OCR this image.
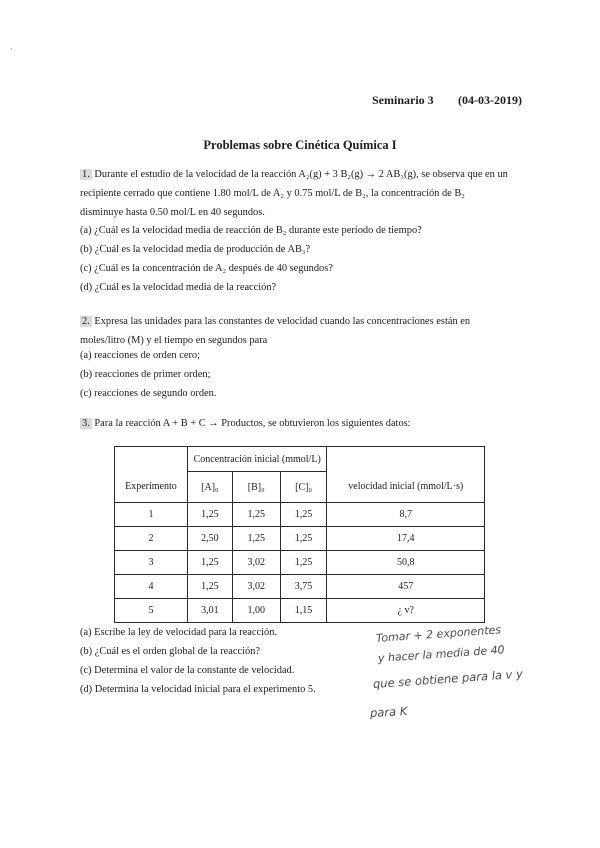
·
Seminario 3 (04-03-2019)
Problemas sobre Cinética Química I
1. Durante el estudio de la velocidad de la reacción A₂(g) + 3 B₂(g) → 2 AB₃(g), se observa que en un
recipiente cerrado que contiene 1.80 mol/L de A₂ y 0.75 mol/L de B₂, la concentración de B₂
disminuye hasta 0.50 mol/L en 40 segundos.
(a) ¿Cuál es la velocidad media de reacción de B₂ durante este período de tiempo?
(b) ¿Cuál es la velocidad media de producción de AB₃?
(c) ¿Cuál es la concentración de A₂ después de 40 segundos?
(d) ¿Cuál es la velocidad media de la reacción?
2. Expresa las unidades para las constantes de velocidad cuando las concentraciones están en
moles/litro (M) y el tiempo en segundos para
(a) reacciones de orden cero;
(b) reacciones de primer orden;
(c) reacciones de segundo orden.
3. Para la reacción A + B + C → Productos, se obtuvieron los siguientes datos:
	Concentración inicial (mmol/L)			
Experimento	[A]₀	[B]₀	[C]₀	velocidad inicial (mmol/L·s)
1	1,25	1,25	1,25	8,7
2	2,50	1,25	1,25	17,4
3	1,25	3,02	1,25	50,8
4	1,25	3,02	3,75	457
5	3,01	1,00	1,15	¿ v?
(a) Escribe la ley de velocidad para la reacción.
(b) ¿Cuál es el orden global de la reacción?
(c) Determina el valor de la constante de velocidad.
(d) Determina la velocidad inicial para el experimento 5.
Tomar + 2 exponentes
y hacer la media de 40
que se obtiene para la v y
para K
